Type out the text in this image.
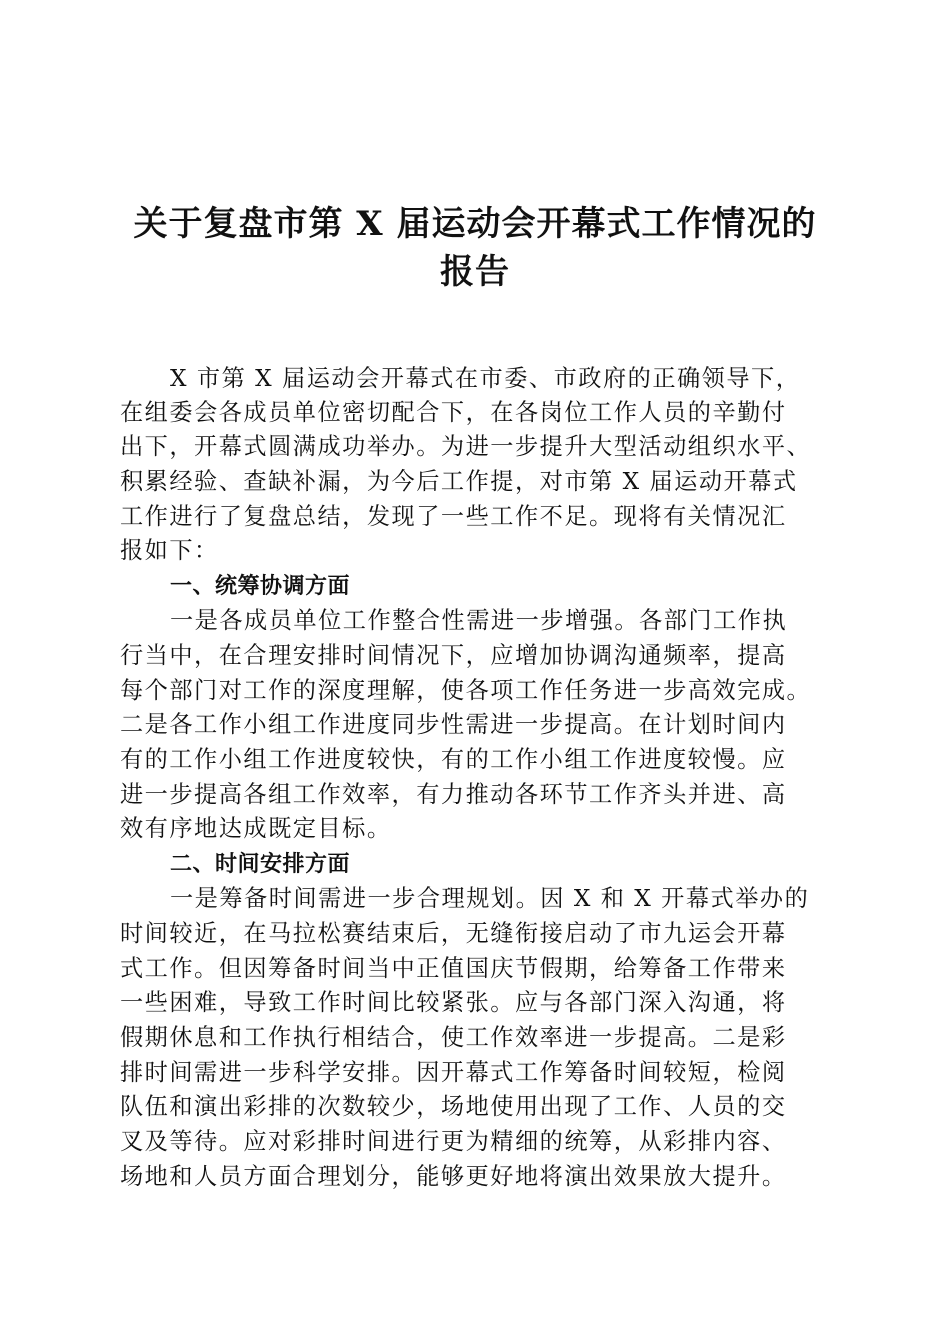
关于复盘市第 X 届运动会开幕式工作情况的
报告
X 市第 X 届运动会开幕式在市委、市政府的正确领导下，
在组委会各成员单位密切配合下，在各岗位工作人员的辛勤付
出下，开幕式圆满成功举办。为进一步提升大型活动组织水平、
积累经验、查缺补漏，为今后工作提，对市第 X 届运动开幕式
工作进行了复盘总结，发现了一些工作不足。现将有关情况汇
报如下：
一、统筹协调方面
一是各成员单位工作整合性需进一步增强。各部门工作执
行当中，在合理安排时间情况下，应增加协调沟通频率，提高
每个部门对工作的深度理解，使各项工作任务进一步高效完成。
二是各工作小组工作进度同步性需进一步提高。在计划时间内
有的工作小组工作进度较快，有的工作小组工作进度较慢。应
进一步提高各组工作效率，有力推动各环节工作齐头并进、高
效有序地达成既定目标。
二、时间安排方面
一是筹备时间需进一步合理规划。因 X 和 X 开幕式举办的
时间较近，在马拉松赛结束后，无缝衔接启动了市九运会开幕
式工作。但因筹备时间当中正值国庆节假期，给筹备工作带来
一些困难，导致工作时间比较紧张。应与各部门深入沟通，将
假期休息和工作执行相结合，使工作效率进一步提高。二是彩
排时间需进一步科学安排。因开幕式工作筹备时间较短，检阅
队伍和演出彩排的次数较少，场地使用出现了工作、人员的交
叉及等待。应对彩排时间进行更为精细的统筹，从彩排内容、
场地和人员方面合理划分，能够更好地将演出效果放大提升。
